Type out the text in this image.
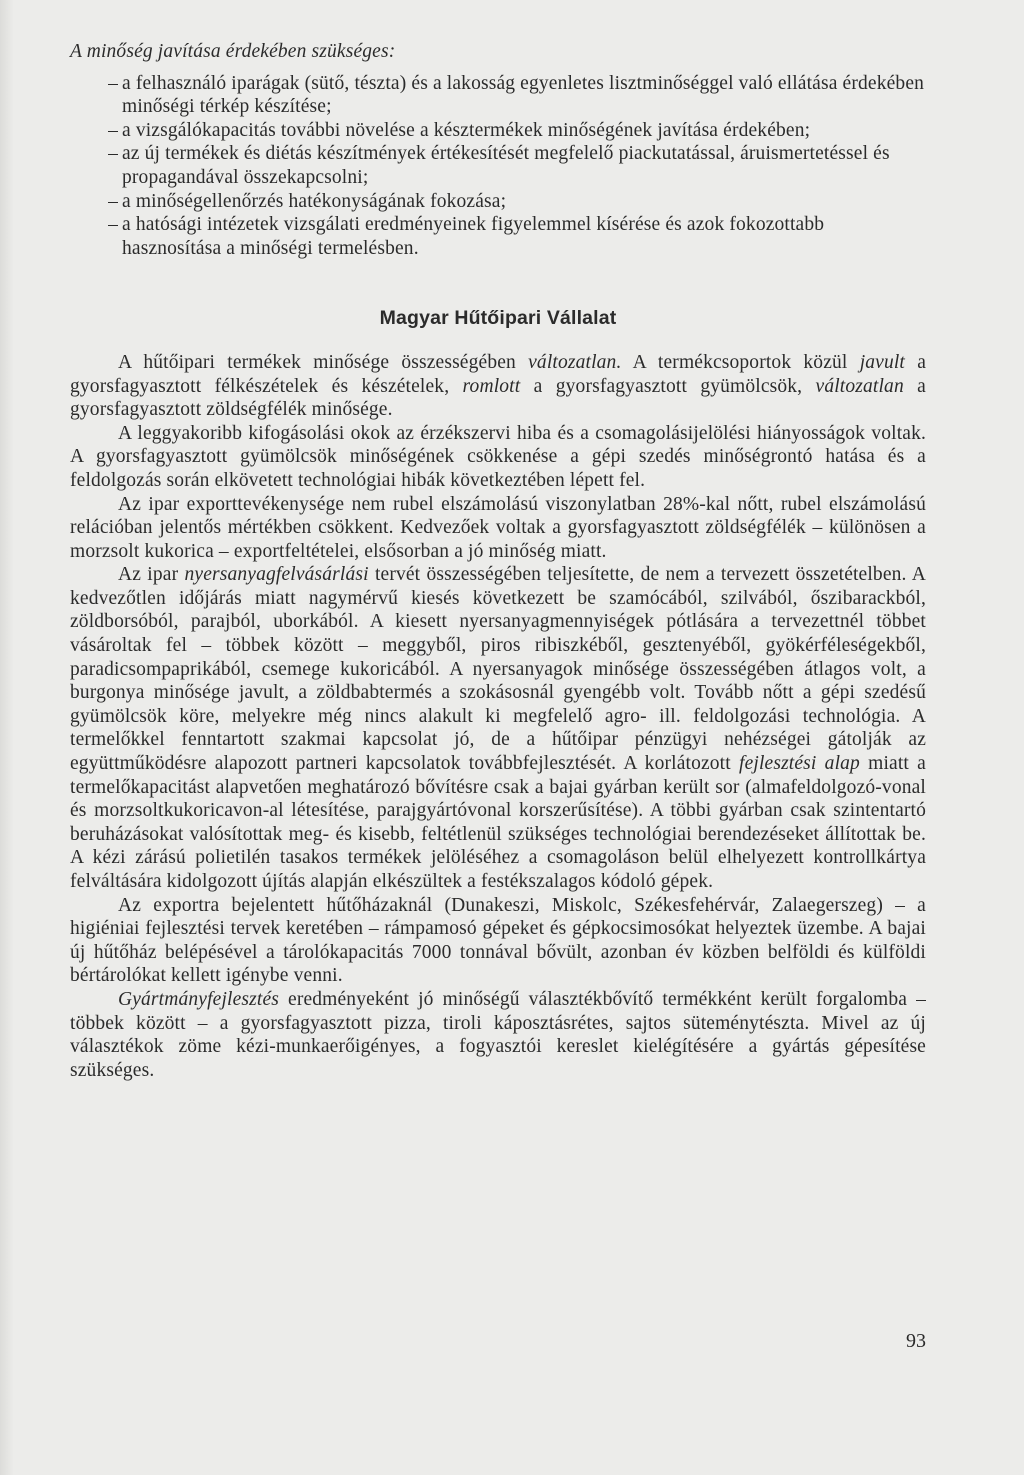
A minőség javítása érdekében szükséges:
– a felhasználó iparágak (sütő, tészta) és a lakosság egyenletes lisztminőséggel való ellátása érdekében minőségi térkép készítése;
– a vizsgálókapacitás további növelése a késztermékek minőségének javítása érdekében;
– az új termékek és diétás készítmények értékesítését megfelelő piackutatással, áruismertetéssel és propagandával összekapcsolni;
– a minőségellenőrzés hatékonyságának fokozása;
– a hatósági intézetek vizsgálati eredményeinek figyelemmel kísérése és azok fokozottabb hasznosítása a minőségi termelésben.
Magyar Hűtőipari Vállalat

A hűtőipari termékek minősége összességében változatlan. A termékcsoportok közül javult a gyorsfagyasztott félkészételek és készételek, romlott a gyorsfagyasztott gyümölcsök, változatlan a gyorsfagyasztott zöldségfélék minősége.

A leggyakoribb kifogásolási okok az érzékszervi hiba és a csomagolásijelölési hiányosságok voltak. A gyorsfagyasztott gyümölcsök minőségének csökkenése a gépi szedés minőségrontó hatása és a feldolgozás során elkövetett technológiai hibák következtében lépett fel.

Az ipar exporttevékenysége nem rubel elszámolású viszonylatban 28%-kal nőtt, rubel elszámolású relációban jelentős mértékben csökkent. Kedvezőek voltak a gyorsfagyasztott zöldségfélék – különösen a morzsolt kukorica – exportfeltételei, elsősorban a jó minőség miatt.

Az ipar nyersanyagfelvásárlási tervét összességében teljesítette, de nem a tervezett összetételben. A kedvezőtlen időjárás miatt nagymérvű kiesés következett be szamócából, szilvából, őszibarackból, zöldborsóból, parajból, uborkából. A kiesett nyersanyagmennyiségek pótlására a tervezettnél többet vásároltak fel – többek között – meggyből, piros ribiszkéből, gesztenyéből, gyökérféleségekből, paradicsompaprikából, csemege kukoricából. A nyersanyagok minősége összességében átlagos volt, a burgonya minősége javult, a zöldbabtermés a szokásosnál gyengébb volt. Tovább nőtt a gépi szedésű gyümölcsök köre, melyekre még nincs alakult ki megfelelő agro- ill. feldolgozási technológia. A termelőkkel fenntartott szakmai kapcsolat jó, de a hűtőipar pénzügyi nehézségei gátolják az együttműködésre alapozott partneri kapcsolatok továbbfejlesztését. A korlátozott fejlesztési alap miatt a termelőkapacitást alapvetően meghatározó bővítésre csak a bajai gyárban került sor (almafeldolgozó-vonal és morzsoltkukoricavon-al létesítése, parajgyártóvonal korszerűsítése). A többi gyárban csak szintentartó beruházásokat valósítottak meg- és kisebb, feltétlenül szükséges technológiai berendezéseket állítottak be. A kézi zárású polietilén tasakos termékek jelöléséhez a csomagoláson belül elhelyezett kontrollkártya felváltására kidolgozott újítás alapján elkészültek a festékszalagos kódoló gépek.

Az exportra bejelentett hűtőházaknál (Dunakeszi, Miskolc, Székesfehérvár, Zalaegerszeg) – a higiéniai fejlesztési tervek keretében – rámpamosó gépeket és gépkocsimosókat helyeztek üzembe. A bajai új hűtőház belépésével a tárolókapacitás 7000 tonnával bővült, azonban év közben belföldi és külföldi bértárolókat kellett igénybe venni.

Gyártmányfejlesztés eredményeként jó minőségű választékbővítő termékként került forgalomba – többek között – a gyorsfagyasztott pizza, tiroli káposztásrétes, sajtos süteménytészta. Mivel az új választékok zöme kézi-munkaerőigényes, a fogyasztói kereslet kielégítésére a gyártás gépesítése szükséges.

93
